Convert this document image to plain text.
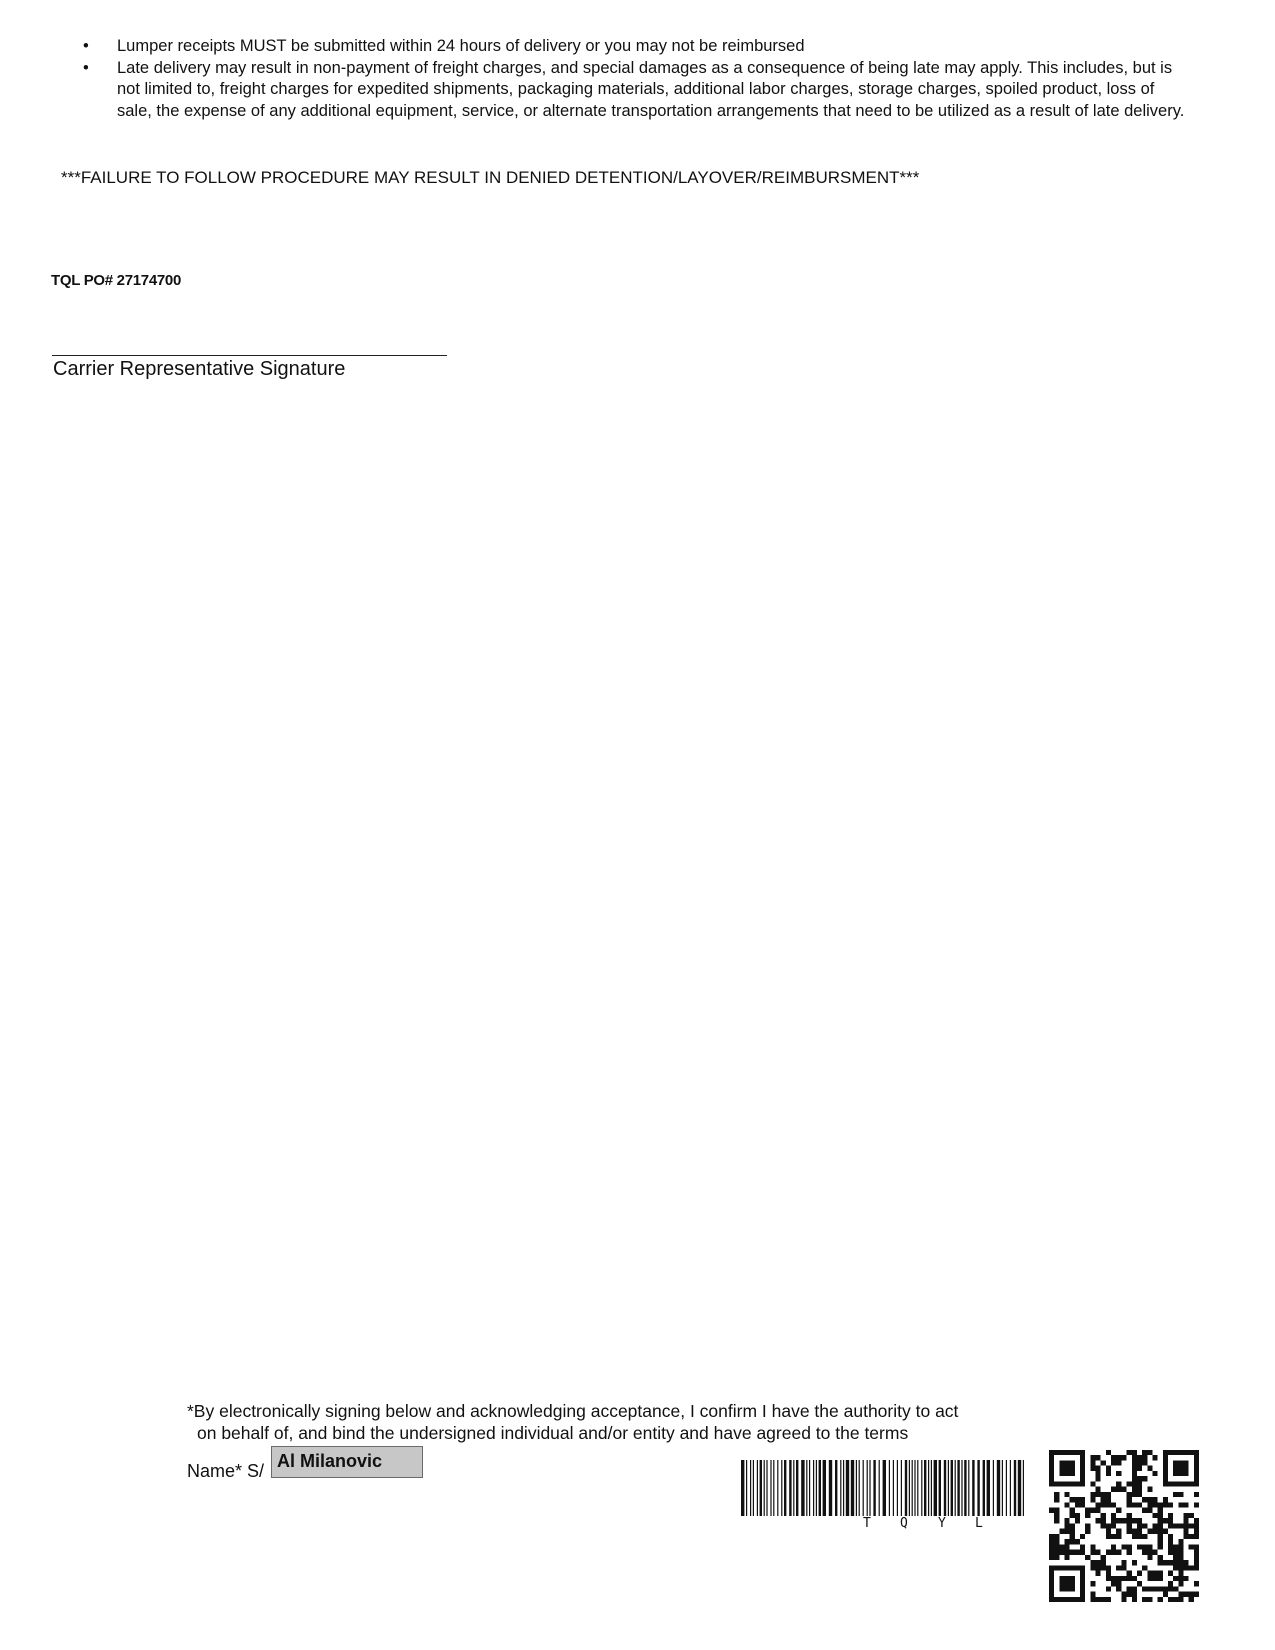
• Lumper receipts MUST be submitted within 24 hours of delivery or you may not be reimbursed
• Late delivery may result in non-payment of freight charges, and special damages as a consequence of being late may apply. This includes, but is not limited to, freight charges for expedited shipments, packaging materials, additional labor charges, storage charges, spoiled product, loss of sale, the expense of any additional equipment, service, or alternate transportation arrangements that need to be utilized as a result of late delivery.
***FAILURE TO FOLLOW PROCEDURE MAY RESULT IN DENIED DETENTION/LAYOVER/REIMBURSMENT***
TQL PO# 27174700
Carrier Representative Signature
*By electronically signing below and acknowledging acceptance, I confirm I have the authority to act
on behalf of, and bind the undersigned individual and/or entity and have agreed to the terms
Name* S/ Al Milanovic
T Q Y L
